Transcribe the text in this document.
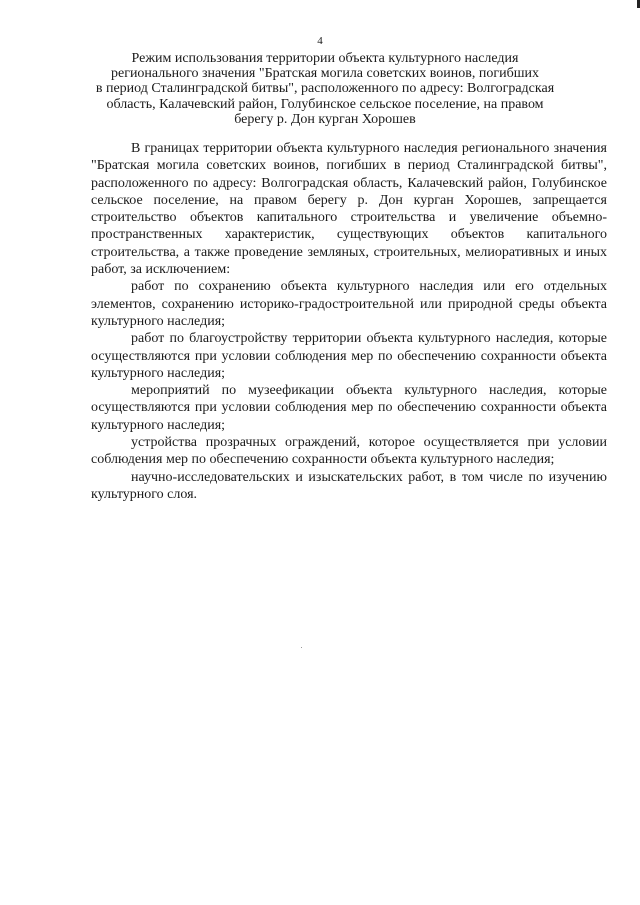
4
Режим использования территории объекта культурного наследия
регионального значения "Братская могила советских воинов, погибших
в период Сталинградской битвы", расположенного по адресу: Волгоградская
область, Калачевский район, Голубинское сельское поселение, на правом
берегу р. Дон курган Хорошев

В границах территории объекта культурного наследия регионального значения "Братская могила советских воинов, погибших в период Сталинградской битвы", расположенного по адресу: Волгоградская область, Калачевский район, Голубинское сельское поселение, на правом берегу р. Дон курган Хорошев, запрещается строительство объектов капитального строительства и увеличение объемно-пространственных характеристик, существующих объектов капитального строительства, а также проведение земляных, строительных, мелиоративных и иных работ, за исключением:

работ по сохранению объекта культурного наследия или его отдельных элементов, сохранению историко-градостроительной или природной среды объекта культурного наследия;

работ по благоустройству территории объекта культурного наследия, которые осуществляются при условии соблюдения мер по обеспечению сохранности объекта культурного наследия;

мероприятий по музеефикации объекта культурного наследия, которые осуществляются при условии соблюдения мер по обеспечению сохранности объекта культурного наследия;

устройства прозрачных ограждений, которое осуществляется при условии соблюдения мер по обеспечению сохранности объекта культурного наследия;

научно-исследовательских и изыскательских работ, в том числе по изучению культурного слоя.
